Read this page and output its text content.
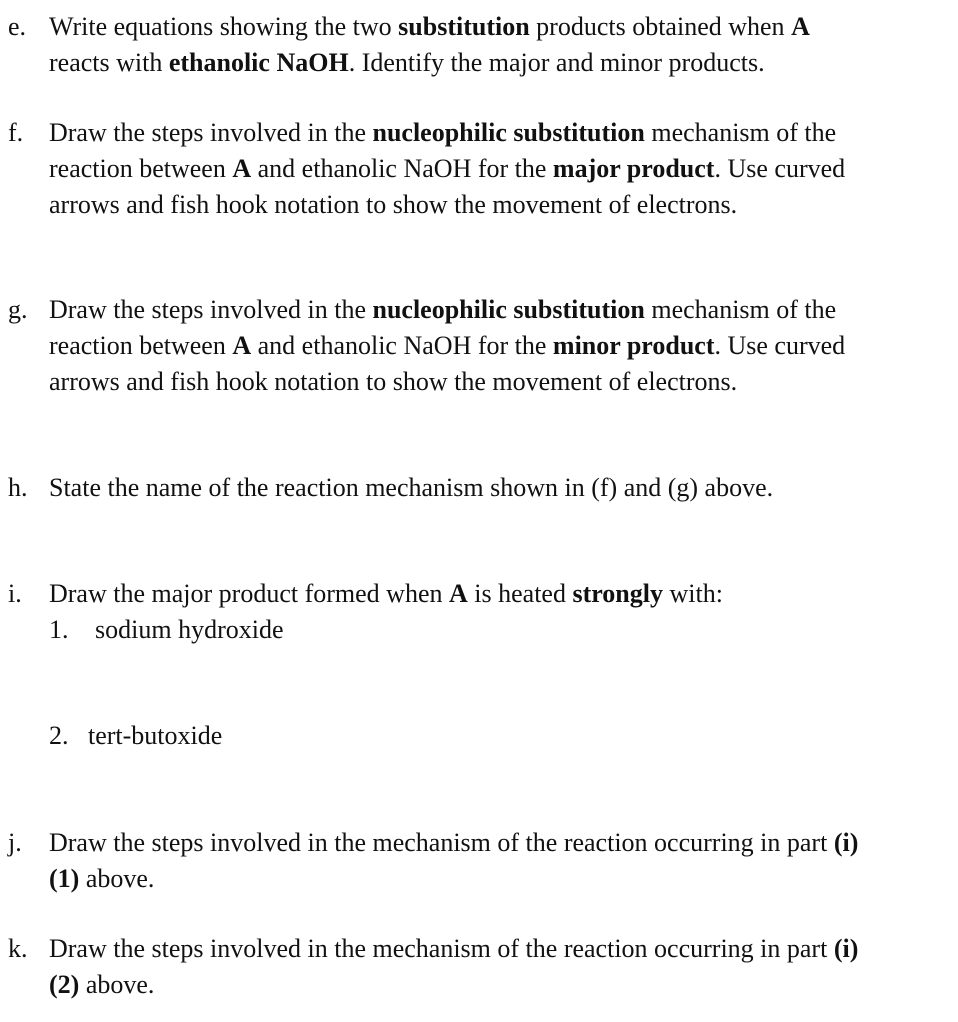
e. Write equations showing the two substitution products obtained when A
reacts with ethanolic NaOH. Identify the major and minor products.
f. Draw the steps involved in the nucleophilic substitution mechanism of the
reaction between A and ethanolic NaOH for the major product. Use curved
arrows and fish hook notation to show the movement of electrons.
g. Draw the steps involved in the nucleophilic substitution mechanism of the
reaction between A and ethanolic NaOH for the minor product. Use curved
arrows and fish hook notation to show the movement of electrons.
h. State the name of the reaction mechanism shown in (f) and (g) above.
i.	Draw the major product formed when A is heated strongly with:
1. sodium hydroxide
2. tert-butoxide
j.	Draw the steps involved in the mechanism of the reaction occurring in part (i)
(1) above.
k. Draw the steps involved in the mechanism of the reaction occurring in part (i)
(2) above.
